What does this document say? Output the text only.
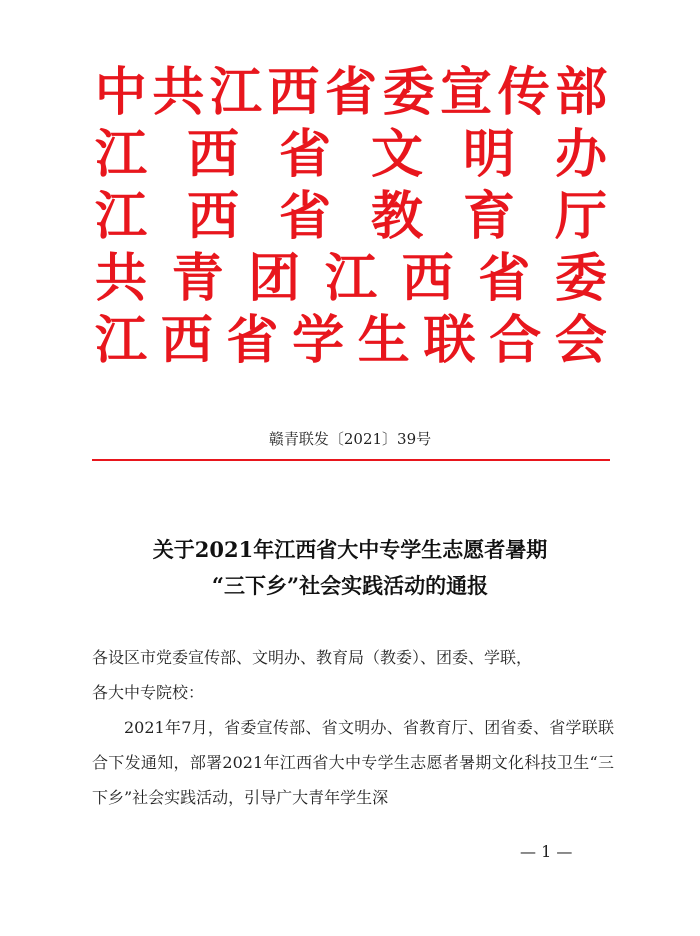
中 共 江 西 省 委 宣 传 部
江 西 省 文 明 办
江 西 省 教 育 厅
共 青 团 江 西 省 委
江 西 省 学 生 联 合 会
赣青联发〔2021〕39号
关于2021年江西省大中专学生志愿者暑期
“三下乡”社会实践活动的通报

各设区市党委宣传部、文明办、教育局（教委）、团委、学联，

各大中专院校：

2021年7月，省委宣传部、省文明办、省教育厅、团省委、省学联联合下发通知，部署2021年江西省大中专学生志愿者暑期文化科技卫生“三下乡”社会实践活动，引导广大青年学生深

— 1 —
